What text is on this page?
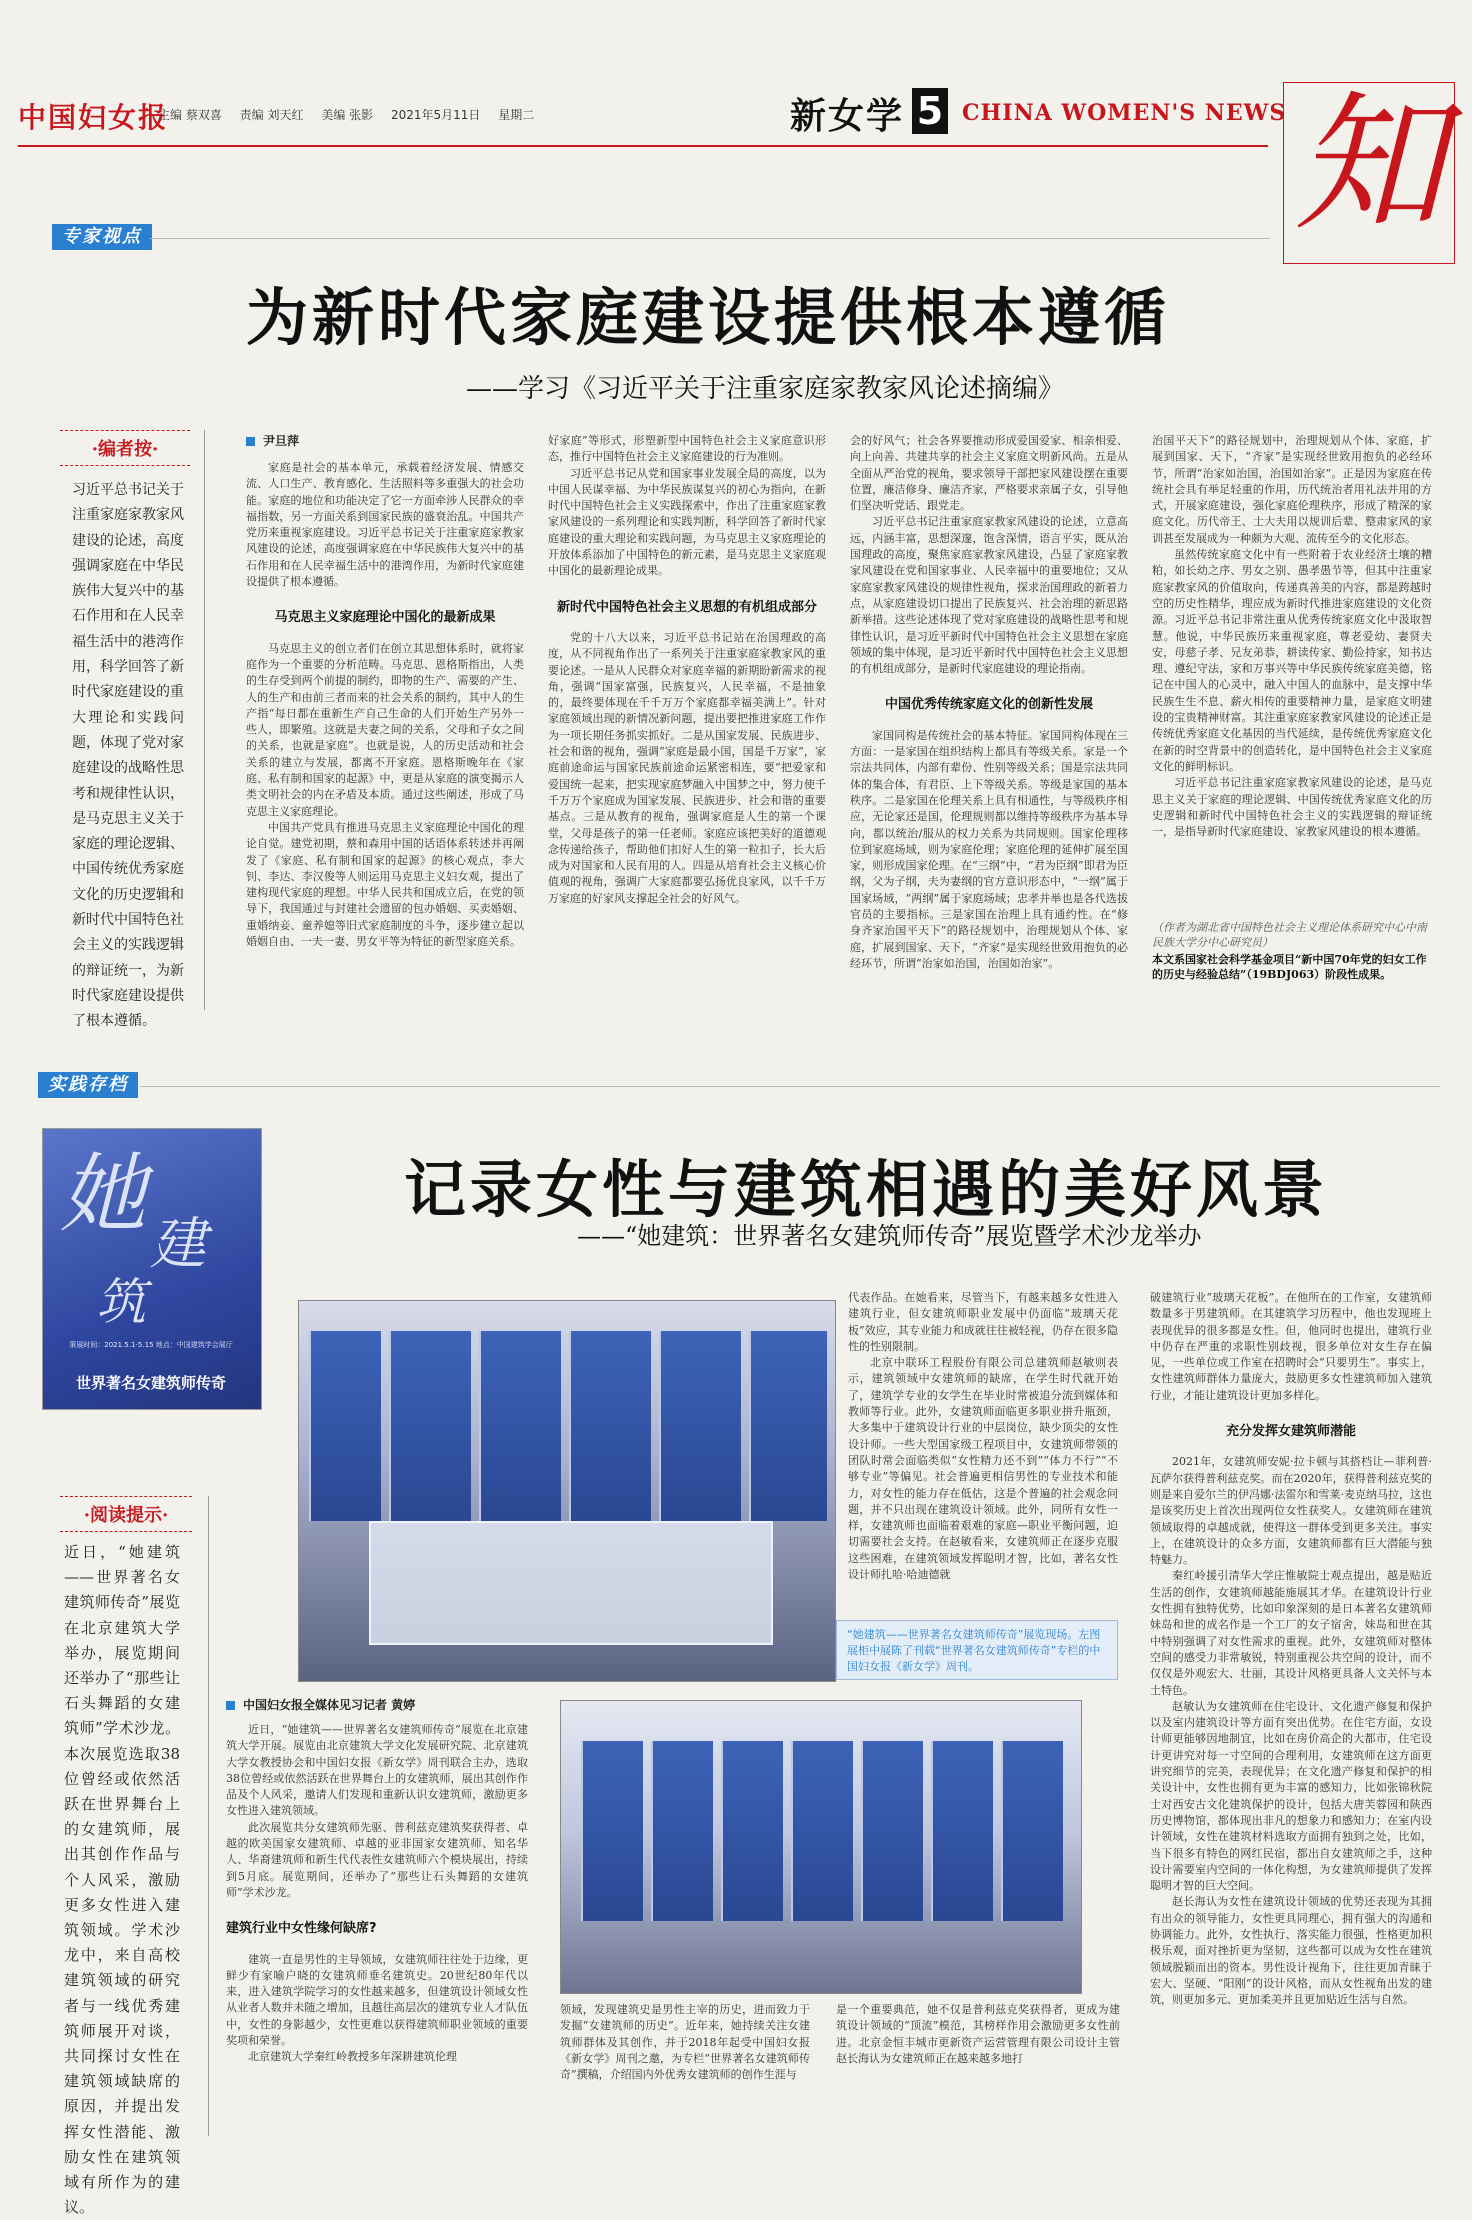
中国妇女报
主编 蔡双喜 责编 刘天红 美编 张影 2021年5月11日 星期二	新女学 5 CHINA WOMEN'S NEWS 知
专家视点
为新时代家庭建设提供根本遵循
——学习《习近平关于注重家庭家教家风论述摘编》
·编者按·
习近平总书记关于注重家庭家教家风建设的论述，高度强调家庭在中华民族伟大复兴中的基石作用和在人民幸福生活中的港湾作用，科学回答了新时代家庭建设的重大理论和实践问题，体现了党对家庭建设的战略性思考和规律性认识，是马克思主义关于家庭的理论逻辑、中国传统优秀家庭文化的历史逻辑和新时代中国特色社会主义的实践逻辑的辩证统一，为新时代家庭建设提供了根本遵循。
尹旦萍

家庭是社会的基本单元，承载着经济发展、情感交流、人口生产、教育感化、生活照料等多重强大的社会功能。家庭的地位和功能决定了它一方面牵涉人民群众的幸福指数，另一方面关系到国家民族的盛衰治乱。中国共产党历来重视家庭建设。习近平总书记关于注重家庭家教家风建设的论述，高度强调家庭在中华民族伟大复兴中的基石作用和在人民幸福生活中的港湾作用，为新时代家庭建设提供了根本遵循。

马克思主义家庭理论中国化的最新成果

马克思主义的创立者们在创立其思想体系时，就将家庭作为一个重要的分析范畴。马克思、恩格斯指出，人类的生存受到两个前提的制约，即物的生产、需要的产生、人的生产和由前三者而来的社会关系的制约，其中人的生产指“每日都在重新生产自己生命的人们开始生产另外一些人，即繁殖。这就是夫妻之间的关系，父母和子女之间的关系，也就是家庭”。也就是说，人的历史活动和社会关系的建立与发展，都离不开家庭。恩格斯晚年在《家庭、私有制和国家的起源》中，更是从家庭的演变揭示人类文明社会的内在矛盾及本质。通过这些阐述，形成了马克思主义家庭理论。

中国共产党具有推进马克思主义家庭理论中国化的理论自觉。建党初期，蔡和森用中国的话语体系转述并再阐发了《家庭、私有制和国家的起源》的核心观点，李大钊、李达、李汉俊等人则运用马克思主义妇女观，提出了建构现代家庭的理想。中华人民共和国成立后，在党的领导下，我国通过与封建社会遗留的包办婚姻、买卖婚姻、重婚纳妾、童养媳等旧式家庭制度的斗争，逐步建立起以婚姻自由、一夫一妻、男女平等为特征的新型家庭关系。

好家庭”等形式，形塑新型中国特色社会主义家庭意识形态，推行中国特色社会主义家庭建设的行为准则。

习近平总书记从党和国家事业发展全局的高度，以为中国人民谋幸福、为中华民族谋复兴的初心为指向，在新时代中国特色社会主义实践探索中，作出了注重家庭家教家风建设的一系列理论和实践判断，科学回答了新时代家庭建设的重大理论和实践问题，为马克思主义家庭理论的开放体系添加了中国特色的新元素，是马克思主义家庭观中国化的最新理论成果。

新时代中国特色社会主义思想的有机组成部分

党的十八大以来，习近平总书记站在治国理政的高度，从不同视角作出了一系列关于注重家庭家教家风的重要论述。一是从人民群众对家庭幸福的新期盼新需求的视角，强调“国家富强，民族复兴，人民幸福，不是抽象的，最终要体现在千千万万个家庭都幸福美满上”。针对家庭领域出现的新情况新问题，提出要把推进家庭工作作为一项长期任务抓实抓好。二是从国家发展、民族进步、社会和谐的视角，强调“家庭是最小国，国是千万家”，家庭前途命运与国家民族前途命运紧密相连，要“把爱家和爱国统一起来，把实现家庭梦融入中国梦之中，努力使千千万万个家庭成为国家发展、民族进步、社会和谐的重要基点。三是从教育的视角，强调家庭是人生的第一个课堂，父母是孩子的第一任老师。家庭应该把美好的道德观念传递给孩子，帮助他们扣好人生的第一粒扣子，长大后成为对国家和人民有用的人。四是从培育社会主义核心价值观的视角，强调广大家庭都要弘扬优良家风，以千千万万家庭的好家风支撑起全社会的好风气。

会的好风气；社会各界要推动形成爱国爱家、相亲相爱、向上向善、共建共享的社会主义家庭文明新风尚。五是从全面从严治党的视角，要求领导干部把家风建设摆在重要位置，廉洁修身、廉洁齐家，严格要求亲属子女，引导他们坚决听党话、跟党走。

习近平总书记注重家庭家教家风建设的论述，立意高远，内涵丰富，思想深邃，饱含深情，语言平实，既从治国理政的高度，聚焦家庭家教家风建设，凸显了家庭家教家风建设在党和国家事业、人民幸福中的重要地位；又从家庭家教家风建设的规律性视角，探求治国理政的新着力点，从家庭建设切口提出了民族复兴、社会治理的新思路新举措。这些论述体现了党对家庭建设的战略性思考和规律性认识，是习近平新时代中国特色社会主义思想在家庭领域的集中体现，是习近平新时代中国特色社会主义思想的有机组成部分，是新时代家庭建设的理论指南。

中国优秀传统家庭文化的创新性发展

家国同构是传统社会的基本特征。家国同构体现在三方面：一是家国在组织结构上都具有等级关系。家是一个宗法共同体，内部有辈份、性别等级关系；国是宗法共同体的集合体，有君臣、上下等级关系。等级是家国的基本秩序。二是家国在伦理关系上具有相通性，与等级秩序相应，无论家还是国，伦理规则都以维持等级秩序为基本导向，都以统治/服从的权力关系为共同规则。国家伦理移位到家庭场域，则为家庭伦理；家庭伦理的延伸扩展至国家，则形成国家伦理。在“三纲”中，“君为臣纲”即君为臣纲，父为子纲，夫为妻纲的官方意识形态中，“一纲”属于国家场域，“两纲”属于家庭场域；忠孝并举也是各代选拔官员的主要指标。三是家国在治理上具有通约性。在“修身齐家治国平天下”的路径规划中，治理规划从个体、家庭，扩展到国家、天下，“齐家”是实现经世致用抱负的必经环节，所谓“治家如治国，治国如治家”。

治国平天下”的路径规划中，治理规划从个体、家庭，扩展到国家、天下，“齐家”是实现经世致用抱负的必经环节，所谓“治家如治国，治国如治家”。正是因为家庭在传统社会具有举足轻重的作用，历代统治者用礼法并用的方式，开展家庭建设，强化家庭伦理秩序，形成了精深的家庭文化。历代帝王、士大夫用以规训后辈、整肃家风的家训甚至发展成为一种颇为大观、流传至今的文化形态。

虽然传统家庭文化中有一些附着于农业经济土壤的糟粕，如长幼之序、男女之别、愚孝愚节等，但其中注重家庭家教家风的价值取向，传递真善美的内容，都是跨越时空的历史性精华，理应成为新时代推进家庭建设的文化资源。习近平总书记非常注重从优秀传统家庭文化中汲取智慧。他说，中华民族历来重视家庭，尊老爱幼、妻贤夫安，母慈子孝、兄友弟恭，耕读传家、勤俭持家，知书达理、遵纪守法，家和万事兴等中华民族传统家庭美德，铭记在中国人的心灵中，融入中国人的血脉中，是支撑中华民族生生不息、薪火相传的重要精神力量，是家庭文明建设的宝贵精神财富。其注重家庭家教家风建设的论述正是传统优秀家庭文化基因的当代延续，是传统优秀家庭文化在新的时空背景中的创造转化，是中国特色社会主义家庭文化的鲜明标识。

习近平总书记注重家庭家教家风建设的论述，是马克思主义关于家庭的理论逻辑、中国传统优秀家庭文化的历史逻辑和新时代中国特色社会主义的实践逻辑的辩证统一，是指导新时代家庭建设、家教家风建设的根本遵循。

（作者为湖北省中国特色社会主义理论体系研究中心中南民族大学分中心研究员）
本文系国家社会科学基金项目“新中国70年党的妇女工作的历史与经验总结”（19BDJ063）阶段性成果。
实践存档
记录女性与建筑相遇的美好风景
——“她建筑：世界著名女建筑师传奇”展览暨学术沙龙举办
她 建
筑
策展时间：2021.5.1-5.15 地点：中国建筑学会展厅
世界著名女建筑师传奇
“她建筑——世界著名女建筑师传奇”展览现场。左图展柜中展陈了刊载“世界著名女建筑师传奇”专栏的中国妇女报《新女学》周刊。
·阅读提示·
近日，“她建筑——世界著名女建筑师传奇”展览在北京建筑大学举办，展览期间还举办了“那些让石头舞蹈的女建筑师”学术沙龙。本次展览选取38位曾经或依然活跃在世界舞台上的女建筑师，展出其创作作品与个人风采，激励更多女性进入建筑领域。学术沙龙中，来自高校建筑领域的研究者与一线优秀建筑师展开对谈，共同探讨女性在建筑领域缺席的原因，并提出发挥女性潜能、激励女性在建筑领域有所作为的建议。
中国妇女报全媒体见习记者 黄婷

近日，“她建筑——世界著名女建筑师传奇”展览在北京建筑大学开展。展览由北京建筑大学文化发展研究院、北京建筑大学女教授协会和中国妇女报《新女学》周刊联合主办，选取38位曾经或依然活跃在世界舞台上的女建筑师，展出其创作作品及个人风采，邀请人们发现和重新认识女建筑师，激励更多女性进入建筑领域。

此次展览共分女建筑师先驱、普利兹克建筑奖获得者、卓越的欧美国家女建筑师、卓越的亚非国家女建筑师、知名华人、华裔建筑师和新生代代表性女建筑师六个模块展出，持续到5月底。展览期间，还举办了“那些让石头舞蹈的女建筑师”学术沙龙。

建筑行业中女性缘何缺席?

建筑一直是男性的主导领域，女建筑师往往处于边缘，更鲜少有家喻户晓的女建筑师垂名建筑史。20世纪80年代以来，进入建筑学院学习的女性越来越多，但建筑设计领域女性从业者人数并未随之增加，且越往高层次的建筑专业人才队伍中，女性的身影越少，女性更难以获得建筑师职业领域的重要奖项和荣誉。

北京建筑大学秦红岭教授多年深耕建筑伦理

领域，发现建筑史是男性主宰的历史，进而致力于发掘“女建筑师的历史”。近年来，她持续关注女建筑师群体及其创作，并于2018年起受中国妇女报《新女学》周刊之邀，为专栏“世界著名女建筑师传奇”撰稿，介绍国内外优秀女建筑师的创作生涯与

是一个重要典范，她不仅是普利兹克奖获得者，更成为建筑设计领域的“顶流”模范，其榜样作用会激励更多女性前进。北京金恒丰城市更新资产运营管理有限公司设计主管赵长海认为女建筑师正在越来越多地打

代表作品。在她看来，尽管当下，有越来越多女性进入建筑行业，但女建筑师职业发展中仍面临“玻璃天花板”效应，其专业能力和成就往往被轻视，仍存在很多隐性的性别限制。

北京中联环工程股份有限公司总建筑师赵敏则表示，建筑领域中女建筑师的缺席，在学生时代就开始了，建筑学专业的女学生在毕业时常被追分流到媒体和教师等行业。此外，女建筑师面临更多职业拼升瓶颈，大多集中于建筑设计行业的中层岗位，缺少顶尖的女性设计师。一些大型国家级工程项目中，女建筑师带领的团队时常会面临类似“女性精力还不到”“体力不行”“不够专业”等偏见。社会普遍更相信男性的专业技术和能力，对女性的能力存在低估，这是个普遍的社会观念问题，并不只出现在建筑设计领域。此外，同所有女性一样，女建筑师也面临着艰难的家庭—职业平衡问题，迫切需要社会支持。在赵敏看来，女建筑师正在逐步克服这些困难，在建筑领域发挥聪明才智，比如，著名女性设计师扎哈·哈迪德就

破建筑行业“玻璃天花板”。在他所在的工作室，女建筑师数量多于男建筑师。在其建筑学习历程中，他也发现班上表现优异的很多都是女性。但，他同时也提出，建筑行业中仍存在严重的求职性别歧视，很多单位对女生存在偏见，一些单位或工作室在招聘时会“只要男生”。事实上，女性建筑师群体力量庞大，鼓励更多女性建筑师加入建筑行业，才能让建筑设计更加多样化。

充分发挥女建筑师潜能

2021年，女建筑师安妮·拉卡顿与其搭档让—菲利普·瓦萨尔获得普利兹克奖。而在2020年，获得普利兹克奖的则是来自爱尔兰的伊冯娜·法雷尔和雪莱·麦克纳马拉，这也是该奖历史上首次出现两位女性获奖人。女建筑师在建筑领域取得的卓越成就，使得这一群体受到更多关注。事实上，在建筑设计的众多方面，女建筑师都有巨大潜能与独特魅力。

秦红岭援引清华大学庄惟敏院士观点提出，越是贴近生活的创作，女建筑师越能施展其才华。在建筑设计行业女性拥有独特优势，比如印象深刻的是日本著名女建筑师妹岛和世的成名作是一个工厂的女子宿舍，妹岛和世在其中特别强调了对女性需求的重视。此外，女建筑师对整体空间的感受力非常敏锐，特别重视公共空间的设计，而不仅仅是外观宏大、壮丽，其设计风格更具备人文关怀与本土特色。

赵敏认为女建筑师在住宅设计、文化遗产修复和保护以及室内建筑设计等方面有突出优势。在住宅方面，女设计师更能够因地制宜，比如在房价高企的大都市，住宅设计更讲究对每一寸空间的合理利用，女建筑师在这方面更讲究细节的完美，表现优异；在文化遗产修复和保护的相关设计中，女性也拥有更为丰富的感知力，比如张锦秋院士对西安古文化建筑保护的设计，包括大唐芙蓉园和陕西历史博物馆，都体现出非凡的想象力和感知力；在室内设计领域，女性在建筑材料选取方面拥有独到之处，比如，当下很多有特色的网红民宿，都出自女建筑师之手，这种设计需要室内空间的一体化构想，为女建筑师提供了发挥聪明才智的巨大空间。

赵长海认为女性在建筑设计领域的优势还表现为其拥有出众的领导能力，女性更具同理心，拥有强大的沟通和协调能力。此外，女性执行、落实能力很强，性格更加积极乐观，面对挫折更为坚韧，这些都可以成为女性在建筑领域脱颖而出的资本。男性设计视角下，往往更加青睐于宏大、坚硬、“阳刚”的设计风格，而从女性视角出发的建筑，则更加多元、更加柔美并且更加贴近生活与自然。
